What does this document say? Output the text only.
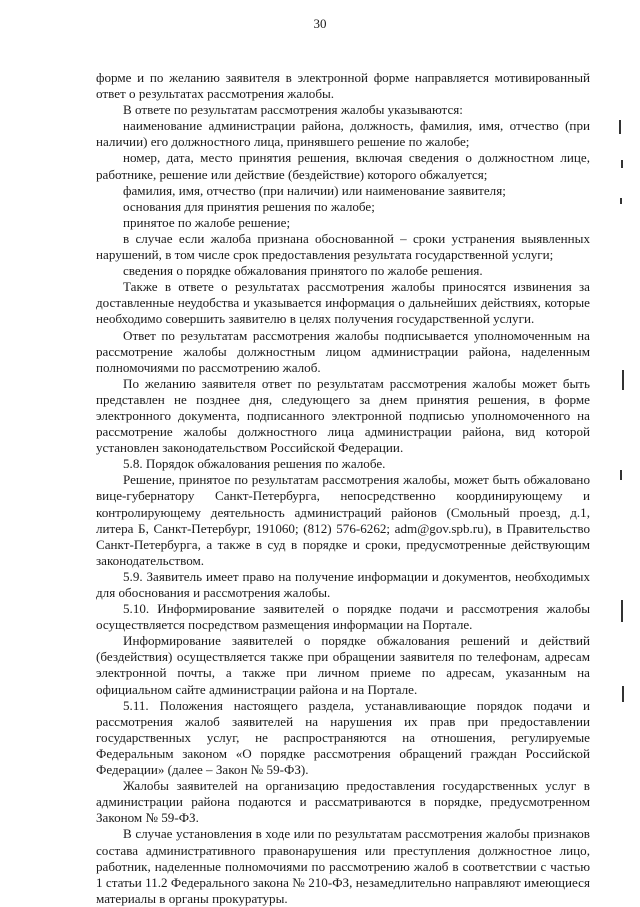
30

форме и по желанию заявителя в электронной форме направляется мотивированный ответ о результатах рассмотрения жалобы.

В ответе по результатам рассмотрения жалобы указываются:

наименование администрации района, должность, фамилия, имя, отчество (при наличии) его должностного лица, принявшего решение по жалобе;

номер, дата, место принятия решения, включая сведения о должностном лице, работнике, решение или действие (бездействие) которого обжалуется;

фамилия, имя, отчество (при наличии) или наименование заявителя;

основания для принятия решения по жалобе;

принятое по жалобе решение;

в случае если жалоба признана обоснованной – сроки устранения выявленных нарушений, в том числе срок предоставления результата государственной услуги;

сведения о порядке обжалования принятого по жалобе решения.

Также в ответе о результатах рассмотрения жалобы приносятся извинения за доставленные неудобства и указывается информация о дальнейших действиях, которые необходимо совершить заявителю в целях получения государственной услуги.

Ответ по результатам рассмотрения жалобы подписывается уполномоченным на рассмотрение жалобы должностным лицом администрации района, наделенным полномочиями по рассмотрению жалоб.

По желанию заявителя ответ по результатам рассмотрения жалобы может быть представлен не позднее дня, следующего за днем принятия решения, в форме электронного документа, подписанного электронной подписью уполномоченного на рассмотрение жалобы должностного лица администрации района, вид которой установлен законодательством Российской Федерации.

5.8. Порядок обжалования решения по жалобе.

Решение, принятое по результатам рассмотрения жалобы, может быть обжаловано вице-губернатору Санкт-Петербурга, непосредственно координирующему и контролирующему деятельность администраций районов (Смольный проезд, д.1, литера Б, Санкт-Петербург, 191060; (812) 576-6262; adm@gov.spb.ru), в Правительство Санкт-Петербурга, а также в суд в порядке и сроки, предусмотренные действующим законодательством.

5.9. Заявитель имеет право на получение информации и документов, необходимых для обоснования и рассмотрения жалобы.

5.10. Информирование заявителей о порядке подачи и рассмотрения жалобы осуществляется посредством размещения информации на Портале.

Информирование заявителей о порядке обжалования решений и действий (бездействия) осуществляется также при обращении заявителя по телефонам, адресам электронной почты, а также при личном приеме по адресам, указанным на официальном сайте администрации района и на Портале.

5.11. Положения настоящего раздела, устанавливающие порядок подачи и рассмотрения жалоб заявителей на нарушения их прав при предоставлении государственных услуг, не распространяются на отношения, регулируемые Федеральным законом «О порядке рассмотрения обращений граждан Российской Федерации» (далее – Закон № 59-ФЗ).

Жалобы заявителей на организацию предоставления государственных услуг в администрации района подаются и рассматриваются в порядке, предусмотренном Законом № 59-ФЗ.

В случае установления в ходе или по результатам рассмотрения жалобы признаков состава административного правонарушения или преступления должностное лицо, работник, наделенные полномочиями по рассмотрению жалоб в соответствии с частью 1 статьи 11.2 Федерального закона № 210-ФЗ, незамедлительно направляют имеющиеся материалы в органы прокуратуры.
